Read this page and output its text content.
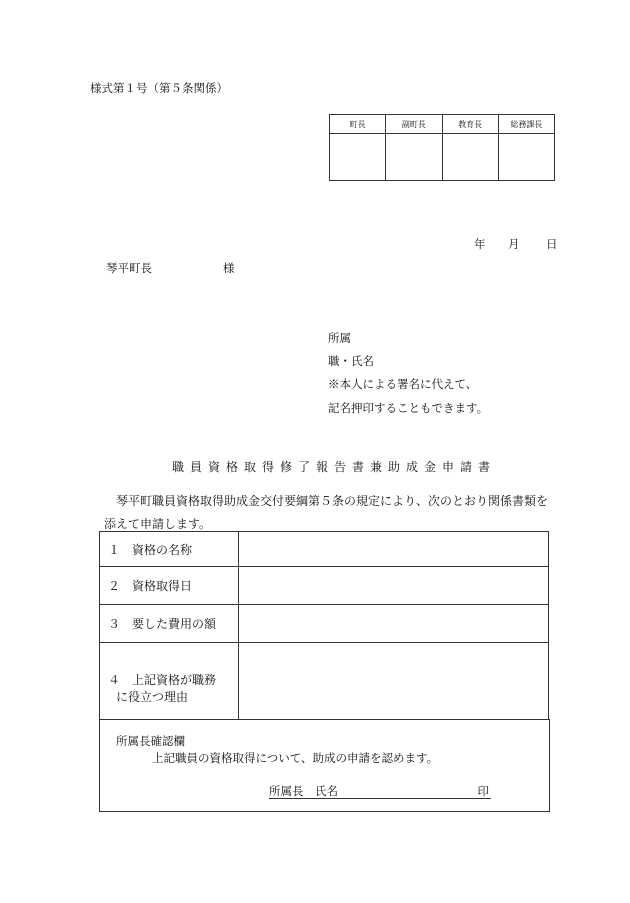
様式第１号（第５条関係）
町長	副町長	教育長	総務課長

年 月 日
琴平町長	様
所属
職・氏名
※本人による署名に代えて、
記名押印することもできます。
職員資格取得修了報告書兼助成金申請書
琴平町職員資格取得助成金交付要綱第５条の規定により、次のとおり関係書類を
添えて申請します。
１　資格の名称	
２　資格取得日	
３　要した費用の額	

４　上記資格が職務
に役立つ理由	

所属長確認欄
上記職員の資格取得について、助成の申請を認めます。
所属長　氏名	印
